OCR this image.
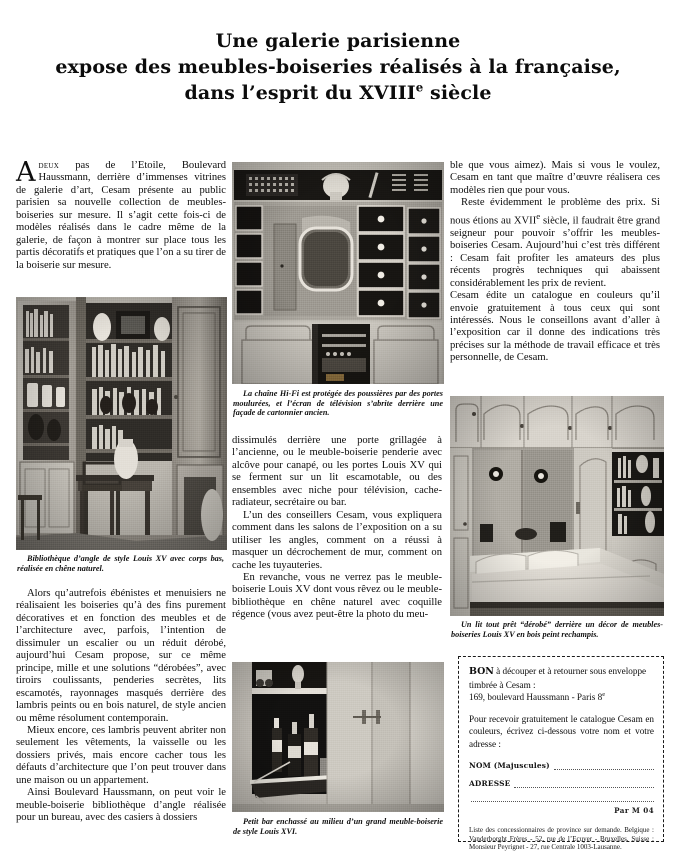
Une galerie parisienne
expose des meubles-boiseries réalisés à la française,
dans l’esprit du XVIIIe siècle

Adeux pas de l’Etoile, Boulevard Haussmann, derrière d’immenses vitrines de galerie d’art, Cesam présente au public parisien sa nouvelle collection de meubles-boiseries sur mesure. Il s’agit cette fois-ci de modèles réalisés dans le cadre même de la galerie, de façon à montrer sur place tous les partis décoratifs et pratiques que l’on a su tirer de la boiserie sur mesure.

Bibliothèque d’angle de style Louis XV avec corps bas, réalisée en chêne naturel.

Alors qu’autrefois ébénistes et menuisiers ne réalisaient les boiseries qu’à des fins purement décoratives et en fonction des meubles et de l’architecture avec, parfois, l’intention de dissimuler un escalier ou un réduit dérobé, aujourd’hui Cesam propose, sur ce même principe, mille et une solutions “dérobées”, avec tiroirs coulissants, penderies secrètes, lits escamotés, rayonnages masqués derrière des lambris peints ou en bois naturel, de style ancien ou même résolument contemporain.

Mieux encore, ces lambris peuvent abriter non seulement les vêtements, la vaisselle ou les dossiers privés, mais encore cacher tous les défauts d’architecture que l’on peut trouver dans une maison ou un appartement.

Ainsi Boulevard Haussmann, on peut voir le meuble-boiserie bibliothèque d’angle réalisée pour un bureau, avec des casiers à dossiers

La chaîne Hi-Fi est protégée des poussières par des portes moulurées, et l’écran de télévision s’abrite derrière une façade de cartonnier ancien.

dissimulés derrière une porte grillagée à l’ancienne, ou le meuble-boiserie penderie avec alcôve pour canapé, ou les portes Louis XV qui se ferment sur un lit escamotable, ou des ensembles avec niche pour télévision, cache-radiateur, secrétaire ou bar.

L’un des conseillers Cesam, vous expliquera comment dans les salons de l’exposition on a su utiliser les angles, comment on a réussi à masquer un décrochement de mur, comment on cache les tuyauteries.

En revanche, vous ne verrez pas le meuble-boiserie Louis XV dont vous rêvez ou le meuble-bibliothèque en chêne naturel avec coquille régence (vous avez peut-être la photo du meu-

Petit bar enchassé au milieu d’un grand meuble-boiserie de style Louis XVI.

ble que vous aimez). Mais si vous le voulez, Cesam en tant que maître d’œuvre réalisera ces modèles rien que pour vous.

Reste évidemment le problème des prix. Si nous étions au XVIIe siècle, il faudrait être grand seigneur pour pouvoir s’offrir les meubles-boiseries Cesam. Aujourd’hui c’est très différent : Cesam fait profiter les amateurs des plus récents progrès techniques qui abaissent considérablement les prix de revient.

Cesam édite un catalogue en couleurs qu’il envoie gratuitement à tous ceux qui sont intéressés. Nous le conseillons avant d’aller à l’exposition car il donne des indications très précises sur la méthode de travail efficace et très personnelle, de Cesam.

Un lit tout prêt “dérobé” derrière un décor de meubles-boiseries Louis XV en bois peint rechampis.
BON à découper et à retourner sous enveloppe timbrée à Cesam :
169, boulevard Haussmann - Paris 8e
Pour recevoir gratuitement le catalogue Cesam en couleurs, écrivez ci-dessous votre nom et votre adresse :
NOM (Majuscules)
ADRESSE
Par M 04
Liste des concessionnaires de province sur demande. Belgique : Vanderborght Frères - 52, rue de l’Ecuyer - Bruxelles. Suisse : Monsieur Peyrignet - 27, rue Centrale 1003-Lausanne.
